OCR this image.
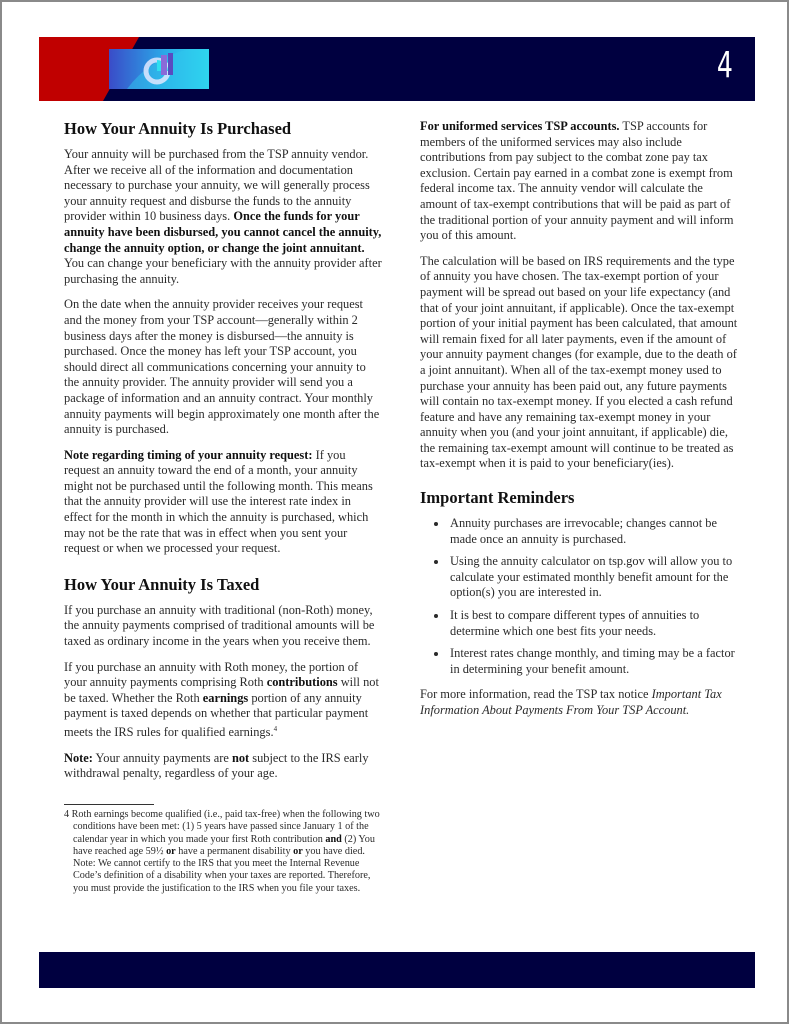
4
How Your Annuity Is Purchased

Your annuity will be purchased from the TSP annuity vendor. After we receive all of the information and documentation necessary to purchase your annuity, we will generally process your annuity request and disburse the funds to the annuity provider within 10 business days. Once the funds for your annuity have been disbursed, you cannot cancel the annuity, change the annuity option, or change the joint annuitant. You can change your beneficiary with the annuity provider after purchasing the annuity.

On the date when the annuity provider receives your request and the money from your TSP account—generally within 2 business days after the money is disbursed—the annuity is purchased. Once the money has left your TSP account, you should direct all communications concerning your annuity to the annuity provider. The annuity provider will send you a package of information and an annuity contract. Your monthly annuity payments will begin approximately one month after the annuity is purchased.

Note regarding timing of your annuity request: If you request an annuity toward the end of a month, your annuity might not be purchased until the following month. This means that the annuity provider will use the interest rate index in effect for the month in which the annuity is purchased, which may not be the rate that was in effect when you sent your request or when we processed your request.

How Your Annuity Is Taxed

If you purchase an annuity with traditional (non-Roth) money, the annuity payments comprised of traditional amounts will be taxed as ordinary income in the years when you receive them.

If you purchase an annuity with Roth money, the portion of your annuity payments comprising Roth contributions will not be taxed. Whether the Roth earnings portion of any annuity payment is taxed depends on whether that particular payment meets the IRS rules for qualified earnings.$^4$

Note: Your annuity payments are not subject to the IRS early withdrawal penalty, regardless of your age.

4 Roth earnings become qualified (i.e., paid tax-free) when the following two conditions have been met: (1) 5 years have passed since January 1 of the calendar year in which you made your first Roth contribution and (2) You have reached age 59½ or have a permanent disability or you have died. Note: We cannot certify to the IRS that you meet the Internal Revenue Code’s definition of a disability when your taxes are reported. Therefore, you must provide the justification to the IRS when you file your taxes.

For uniformed services TSP accounts. TSP accounts for members of the uniformed services may also include contributions from pay subject to the combat zone pay tax exclusion. Certain pay earned in a combat zone is exempt from federal income tax. The annuity vendor will calculate the amount of tax-exempt contributions that will be paid as part of the traditional portion of your annuity payment and will inform you of this amount.

The calculation will be based on IRS requirements and the type of annuity you have chosen. The tax-exempt portion of your payment will be spread out based on your life expectancy (and that of your joint annuitant, if applicable). Once the tax-exempt portion of your initial payment has been calculated, that amount will remain fixed for all later payments, even if the amount of your annuity payment changes (for example, due to the death of a joint annuitant). When all of the tax-exempt money used to purchase your annuity has been paid out, any future payments will contain no tax-exempt money. If you elected a cash refund feature and have any remaining tax-exempt money in your annuity when you (and your joint annuitant, if applicable) die, the remaining tax-exempt amount will continue to be treated as tax-exempt when it is paid to your beneficiary(ies).

Important Reminders
• Annuity purchases are irrevocable; changes cannot be made once an annuity is purchased.
• Using the annuity calculator on tsp.gov will allow you to calculate your estimated monthly benefit amount for the option(s) you are interested in.
• It is best to compare different types of annuities to determine which one best fits your needs.
• Interest rates change monthly, and timing may be a factor in determining your benefit amount.

For more information, read the TSP tax notice Important Tax Information About Payments From Your TSP Account.
